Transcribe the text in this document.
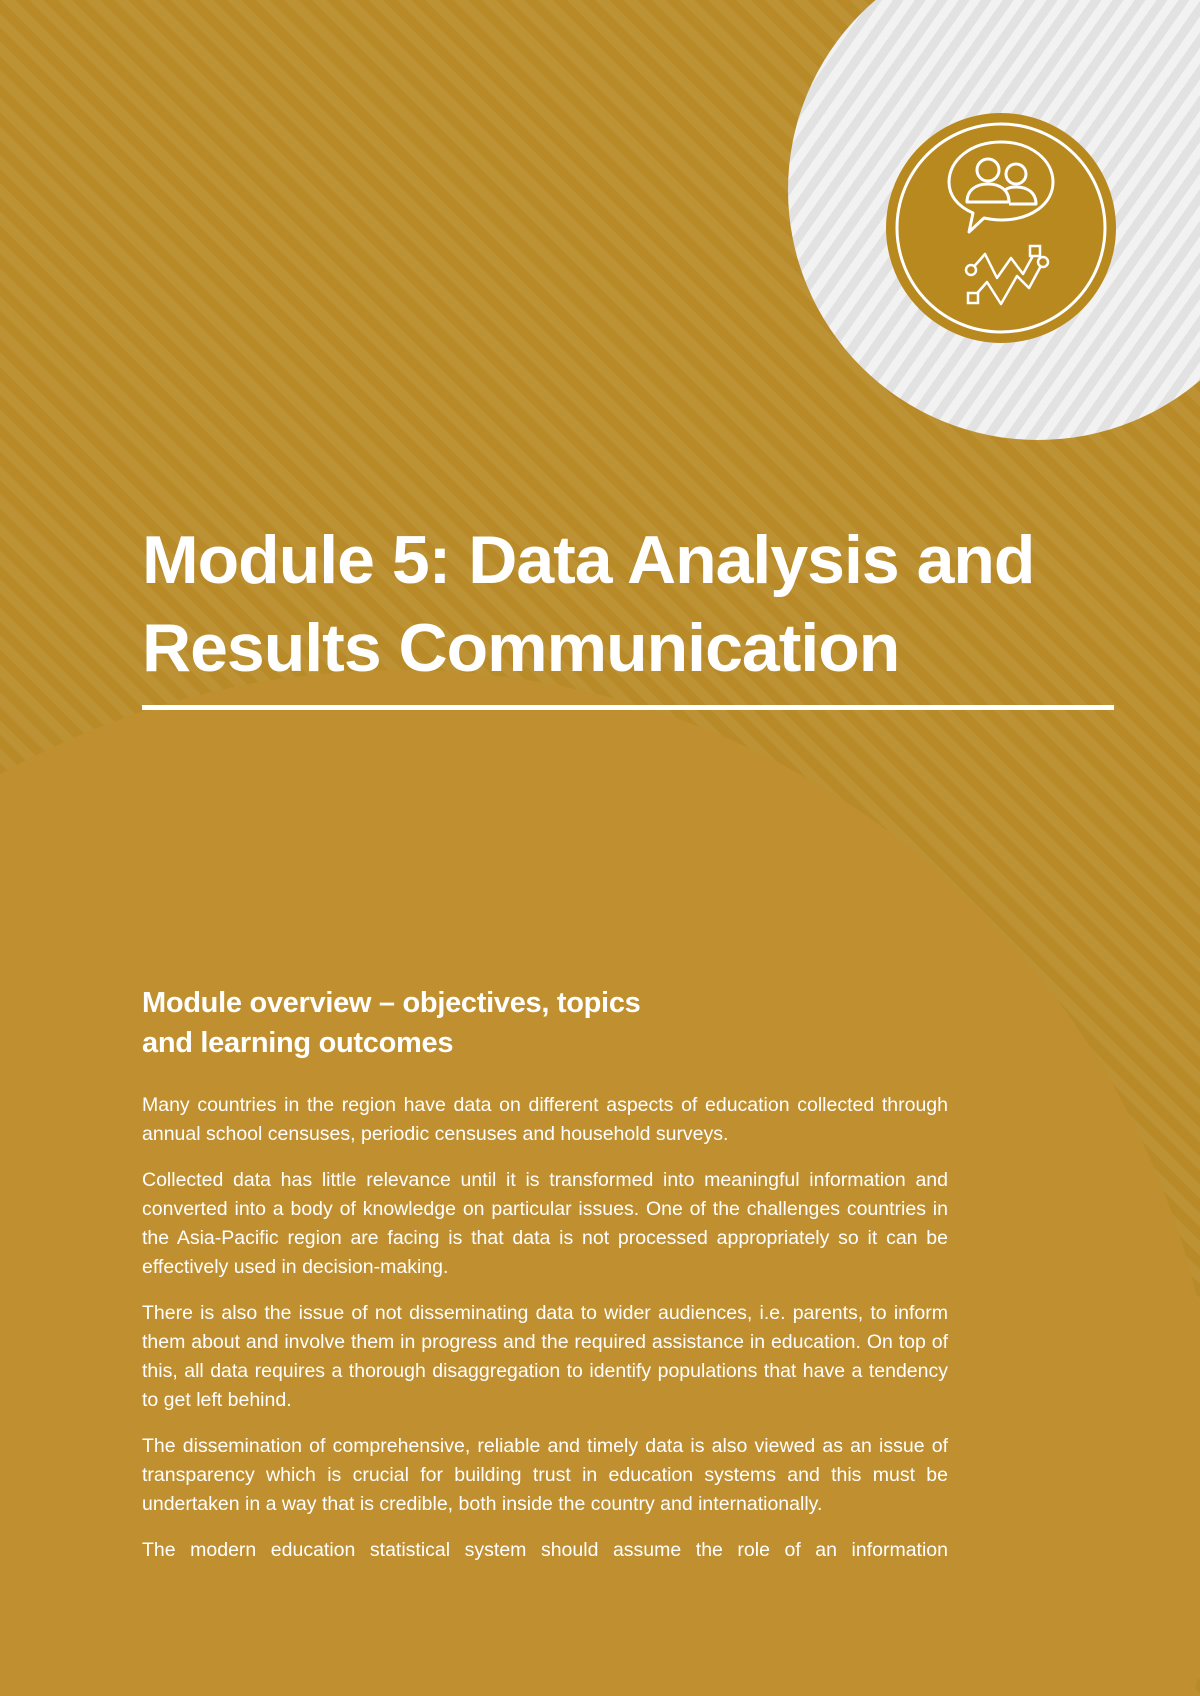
Module 5: Data Analysis and
Results Communication
Module overview – objectives, topics
and learning outcomes

Many countries in the region have data on different aspects of education collected through annual school censuses, periodic censuses and household surveys.

Collected data has little relevance until it is transformed into meaningful information and converted into a body of knowledge on particular issues. One of the challenges countries in the Asia-Pacific region are facing is that data is not processed appropriately so it can be effectively used in decision-making.

There is also the issue of not disseminating data to wider audiences, i.e. parents, to inform them about and involve them in progress and the required assistance in education. On top of this, all data requires a thorough disaggregation to identify populations that have a tendency to get left behind.

The dissemination of comprehensive, reliable and timely data is also viewed as an issue of transparency which is crucial for building trust in education systems and this must be undertaken in a way that is credible, both inside the country and internationally.

The modern education statistical system should assume the role of an information
